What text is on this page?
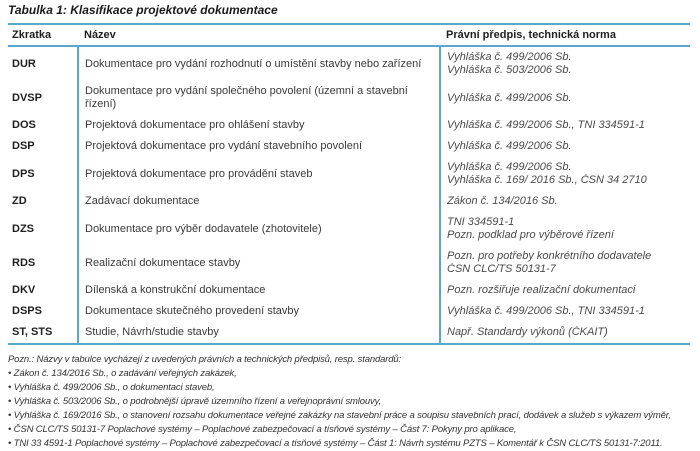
Tabulka 1: Klasifikace projektové dokumentace

Zkratka	Název	Právní předpis, technická norma
DUR	Dokumentace pro vydání rozhodnutí o umístění stavby nebo zařízení	Vyhláška č. 499/2006 Sb.
Vyhláška č. 503/2006 Sb.

DVSP	Dokumentace pro vydání společného povolení (územní a stavební řízení)	Vyhláška č. 499/2006 Sb.

DOS	Projektová dokumentace pro ohlášení stavby	Vyhláška č. 499/2006 Sb., TNI 334591-1

DSP	Projektová dokumentace pro vydání stavebního povolení	Vyhláška č. 499/2006 Sb.

DPS	Projektová dokumentace pro provádění staveb	Vyhláška č. 499/2006 Sb.
Vyhláška č. 169/ 2016 Sb., ČSN 34 2710

ZD	Zadávací dokumentace	Zákon č. 134/2016 Sb.

DZS	Dokumentace pro výběr dodavatele (zhotovitele)	TNI 334591-1
Pozn. podklad pro výběrové řízení

RDS	Realizační dokumentace stavby	Pozn. pro potřeby konkrétního dodavatele
ČSN CLC/TS 50131-7

DKV	Dílenská a konstrukční dokumentace	Pozn. rozšiřuje realizační dokumentaci

DSPS	Dokumentace skutečného provedení stavby	Vyhláška č. 499/2006 Sb., TNI 334591-1

ST, STS	Studie, Návrh/studie stavby	Např. Standardy výkonů (ČKAIT)
Pozn.: Názvy v tabulce vycházejí z uvedených právních a technických předpisů, resp. standardů:
• Zákon č. 134/2016 Sb., o zadávání veřejných zakázek,
• Vyhláška č. 499/2006 Sb., o dokumentaci staveb,
• Vyhláška č. 503/2006 Sb., o podrobnější úpravě územního řízení a veřejnoprávní smlouvy,
• Vyhláška č. 169/2016 Sb., o stanovení rozsahu dokumentace veřejné zakázky na stavební práce a soupisu stavebních prací, dodávek a služeb s výkazem výměr,
• ČSN CLC/TS 50131-7 Poplachové systémy – Poplachové zabezpečovací a tísňové systémy – Část 7: Pokyny pro aplikace,
• TNI 33 4591-1 Poplachové systémy – Poplachové zabezpečovací a tísňové systémy – Část 1: Návrh systému PZTS – Komentář k ČSN CLC/TS 50131-7:2011.
